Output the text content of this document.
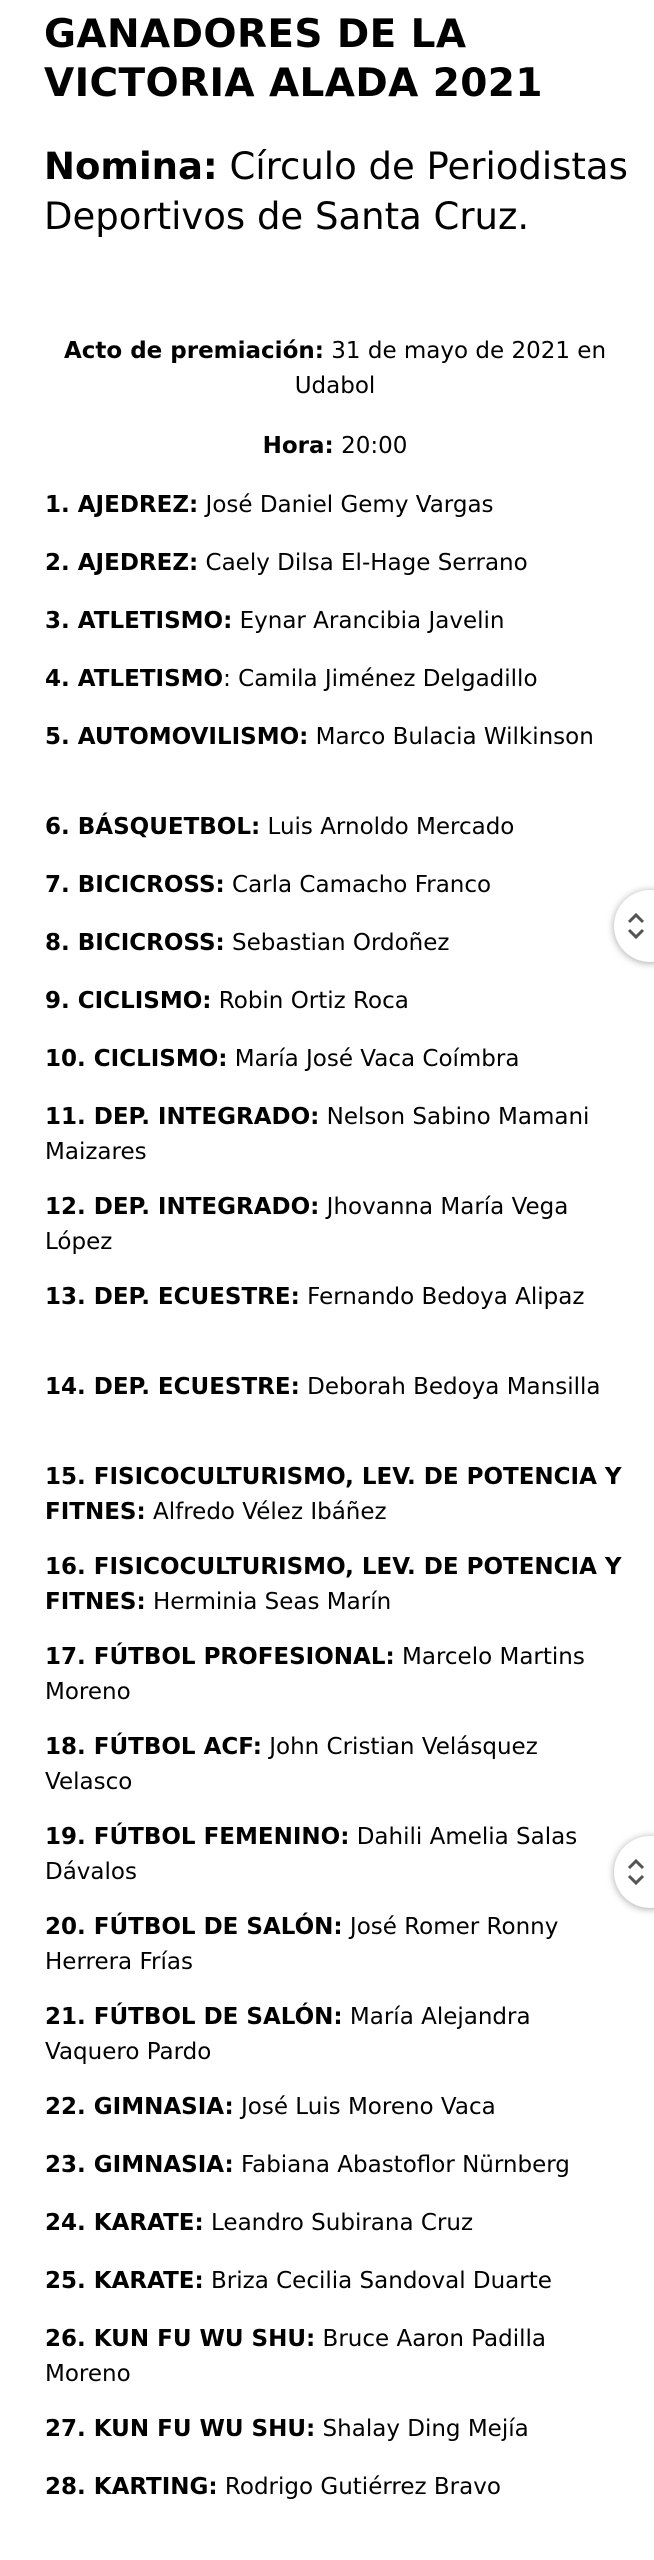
GANADORES DE LA VICTORIA ALADA 2021
Nomina: Círculo de Periodistas Deportivos de Santa Cruz.
Acto de premiación: 31 de mayo de 2021 en Udabol
Hora: 20:00
1. AJEDREZ: José Daniel Gemy Vargas
2. AJEDREZ: Caely Dilsa El-Hage Serrano
3. ATLETISMO: Eynar Arancibia Javelin
4. ATLETISMO: Camila Jiménez Delgadillo
5. AUTOMOVILISMO: Marco Bulacia Wilkinson
6. BÁSQUETBOL: Luis Arnoldo Mercado
7. BICICROSS: Carla Camacho Franco
8. BICICROSS: Sebastian Ordoñez
9. CICLISMO: Robin Ortiz Roca
10. CICLISMO: María José Vaca Coímbra
11. DEP. INTEGRADO: Nelson Sabino Mamani Maizares
12. DEP. INTEGRADO: Jhovanna María Vega López
13. DEP. ECUESTRE: Fernando Bedoya Alipaz
14. DEP. ECUESTRE: Deborah Bedoya Mansilla
15. FISICOCULTURISMO, LEV. DE POTENCIA Y FITNES: Alfredo Vélez Ibáñez
16. FISICOCULTURISMO, LEV. DE POTENCIA Y FITNES: Herminia Seas Marín
17. FÚTBOL PROFESIONAL: Marcelo Martins Moreno
18. FÚTBOL ACF: John Cristian Velásquez Velasco
19. FÚTBOL FEMENINO: Dahili Amelia Salas Dávalos
20. FÚTBOL DE SALÓN: José Romer Ronny Herrera Frías
21. FÚTBOL DE SALÓN: María Alejandra Vaquero Pardo
22. GIMNASIA: José Luis Moreno Vaca
23. GIMNASIA: Fabiana Abastoflor Nürnberg
24. KARATE: Leandro Subirana Cruz
25. KARATE: Briza Cecilia Sandoval Duarte
26. KUN FU WU SHU: Bruce Aaron Padilla Moreno
27. KUN FU WU SHU: Shalay Ding Mejía
28. KARTING: Rodrigo Gutiérrez Bravo
